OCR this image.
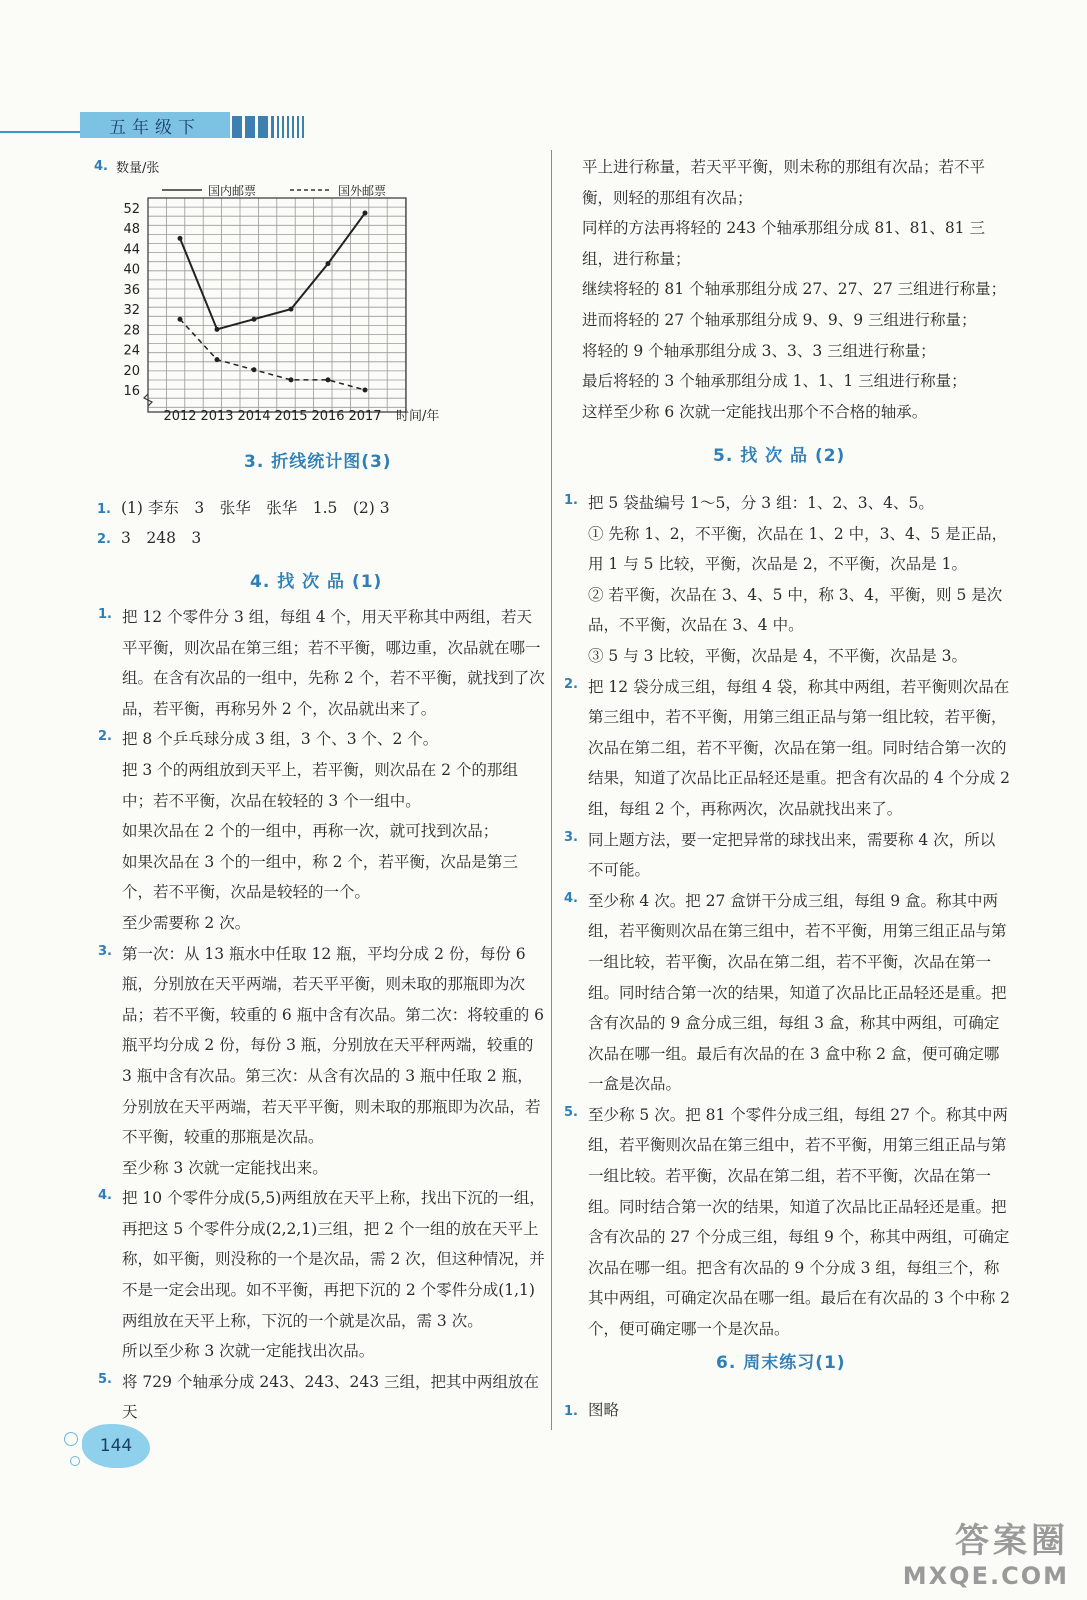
五年级下
4. 数量/张
国内邮票	国外邮票
16
20
24
28
32
36
40
44
48
52
2012 2013 2014 2015 2016 2017 时间/年
3. 折线统计图(3)
1. (1) 李东　3　张华　张华　1.5　(2) 3
2. 3　248　3
4. 找 次 品 (1)

1. 把 12 个零件分 3 组，每组 4 个，用天平称其中两组，若天平平衡，则次品在第三组；若不平衡，哪边重，次品就在哪一组。在含有次品的一组中，先称 2 个，若不平衡，就找到了次品，若平衡，再称另外 2 个，次品就出来了。

2. 把 8 个乒乓球分成 3 组，3 个、3 个、2 个。

把 3 个的两组放到天平上，若平衡，则次品在 2 个的那组中；若不平衡，次品在较轻的 3 个一组中。

如果次品在 2 个的一组中，再称一次，就可找到次品；

如果次品在 3 个的一组中，称 2 个，若平衡，次品是第三个，若不平衡，次品是较轻的一个。

至少需要称 2 次。

3. 第一次：从 13 瓶水中任取 12 瓶，平均分成 2 份，每份 6 瓶，分别放在天平两端，若天平平衡，则未取的那瓶即为次品；若不平衡，较重的 6 瓶中含有次品。第二次：将较重的 6 瓶平均分成 2 份，每份 3 瓶，分别放在天平秤两端，较重的 3 瓶中含有次品。第三次：从含有次品的 3 瓶中任取 2 瓶，分别放在天平两端，若天平平衡，则未取的那瓶即为次品，若不平衡，较重的那瓶是次品。

至少称 3 次就一定能找出来。

4. 把 10 个零件分成(5,5)两组放在天平上称，找出下沉的一组，再把这 5 个零件分成(2,2,1)三组，把 2 个一组的放在天平上称，如平衡，则没称的一个是次品，需 2 次，但这种情况，并不是一定会出现。如不平衡，再把下沉的 2 个零件分成(1,1)两组放在天平上称，下沉的一个就是次品，需 3 次。

所以至少称 3 次就一定能找出次品。

5. 将 729 个轴承分成 243、243、243 三组，把其中两组放在天

平上进行称量，若天平平衡，则未称的那组有次品；若不平衡，则轻的那组有次品；

同样的方法再将轻的 243 个轴承那组分成 81、81、81 三组，进行称量；

继续将轻的 81 个轴承那组分成 27、27、27 三组进行称量；

进而将轻的 27 个轴承那组分成 9、9、9 三组进行称量；

将轻的 9 个轴承那组分成 3、3、3 三组进行称量；

最后将轻的 3 个轴承那组分成 1、1、1 三组进行称量；

这样至少称 6 次就一定能找出那个不合格的轴承。

5. 找 次 品 (2)

1. 把 5 袋盐编号 1～5，分 3 组：1、2、3、4、5。

① 先称 1、2，不平衡，次品在 1、2 中，3、4、5 是正品，用 1 与 5 比较，平衡，次品是 2，不平衡，次品是 1。

② 若平衡，次品在 3、4、5 中，称 3、4，平衡，则 5 是次品，不平衡，次品在 3、4 中。

③ 5 与 3 比较，平衡，次品是 4，不平衡，次品是 3。

2. 把 12 袋分成三组，每组 4 袋，称其中两组，若平衡则次品在第三组中，若不平衡，用第三组正品与第一组比较，若平衡，次品在第二组，若不平衡，次品在第一组。同时结合第一次的结果，知道了次品比正品轻还是重。把含有次品的 4 个分成 2 组，每组 2 个，再称两次，次品就找出来了。

3. 同上题方法，要一定把异常的球找出来，需要称 4 次，所以不可能。

4. 至少称 4 次。把 27 盒饼干分成三组，每组 9 盒。称其中两组，若平衡则次品在第三组中，若不平衡，用第三组正品与第一组比较，若平衡，次品在第二组，若不平衡，次品在第一组。同时结合第一次的结果，知道了次品比正品轻还是重。把含有次品的 9 盒分成三组，每组 3 盒，称其中两组，可确定次品在哪一组。最后有次品的在 3 盒中称 2 盒，便可确定哪一盒是次品。

5. 至少称 5 次。把 81 个零件分成三组，每组 27 个。称其中两组，若平衡则次品在第三组中，若不平衡，用第三组正品与第一组比较。若平衡，次品在第二组，若不平衡，次品在第一组。同时结合第一次的结果，知道了次品比正品轻还是重。把含有次品的 27 个分成三组，每组 9 个，称其中两组，可确定次品在哪一组。把含有次品的 9 个分成 3 组，每组三个，称其中两组，可确定次品在哪一组。最后在有次品的 3 个中称 2 个，便可确定哪一个是次品。

6. 周末练习(1)
1. 图略
144
答案圈
MXQE.COM
